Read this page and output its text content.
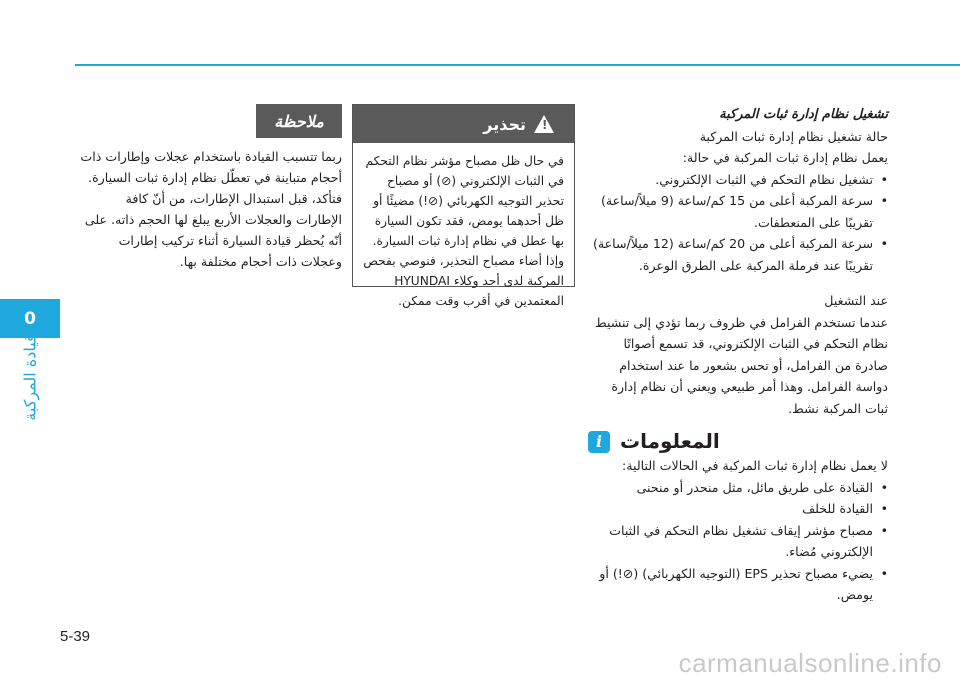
0
قيادة المركبة

تشغيل نظام إدارة ثبات المركبة

حالة تشغيل نظام إدارة ثبات المركبة

يعمل نظام إدارة ثبات المركبة في حالة:

• تشغيل نظام التحكم في الثبات الإلكتروني.
• سرعة المركبة أعلى من 15 كم/ساعة (9 ميلاً/ساعة) تقريبًا على المنعطفات.
• سرعة المركبة أعلى من 20 كم/ساعة (12 ميلاً/ساعة) تقريبًا عند فرملة المركبة على الطرق الوعرة.

عند التشغيل

عندما تستخدم الفرامل في ظروف ربما تؤدي إلى تنشيط نظام التحكم في الثبات الإلكتروني، قد تسمع أصواتًا صادرة من الفرامل، أو تحس بشعور ما عند استخدام دواسة الفرامل. وهذا أمر طبيعي ويعني أن نظام إدارة ثبات المركبة نشط.

i المعلومات

لا يعمل نظام إدارة ثبات المركبة في الحالات التالية:

• القيادة على طريق مائل، مثل منحدر أو منحنى
• القيادة للخلف
• مصباح مؤشر إيقاف تشغيل نظام التحكم في الثبات الإلكتروني مُضاء.
• يضيء مصباح تحذير EPS (التوجيه الكهربائي) (⊘!) أو يومض.
تحذير
!
في حال ظل مصباح مؤشر نظام التحكم في الثبات الإلكتروني (⊘) أو مصباح تحذير التوجيه الكهربائي (⊘!) مضيئًا أو ظل أحدهما يومض، فقد تكون السيارة بها عطل في نظام إدارة ثبات السيارة. وإذا أضاء مصباح التحذير، فنوصي بفحص المركبة لدى أحد وكلاء HYUNDAI المعتمدين في أقرب وقت ممكن.
ملاحظة
ربما تتسبب القيادة باستخدام عجلات وإطارات ذات أحجام متباينة في تعطّل نظام إدارة ثبات السيارة. فتأكد، قبل استبدال الإطارات، من أنّ كافة الإطارات والعجلات الأربع يبلغ لها الحجم ذاته. على أنّه يُحظر قيادة السيارة أثناء تركيب إطارات وعجلات ذات أحجام مختلفة بها.
5-39
carmanualsonline.info
